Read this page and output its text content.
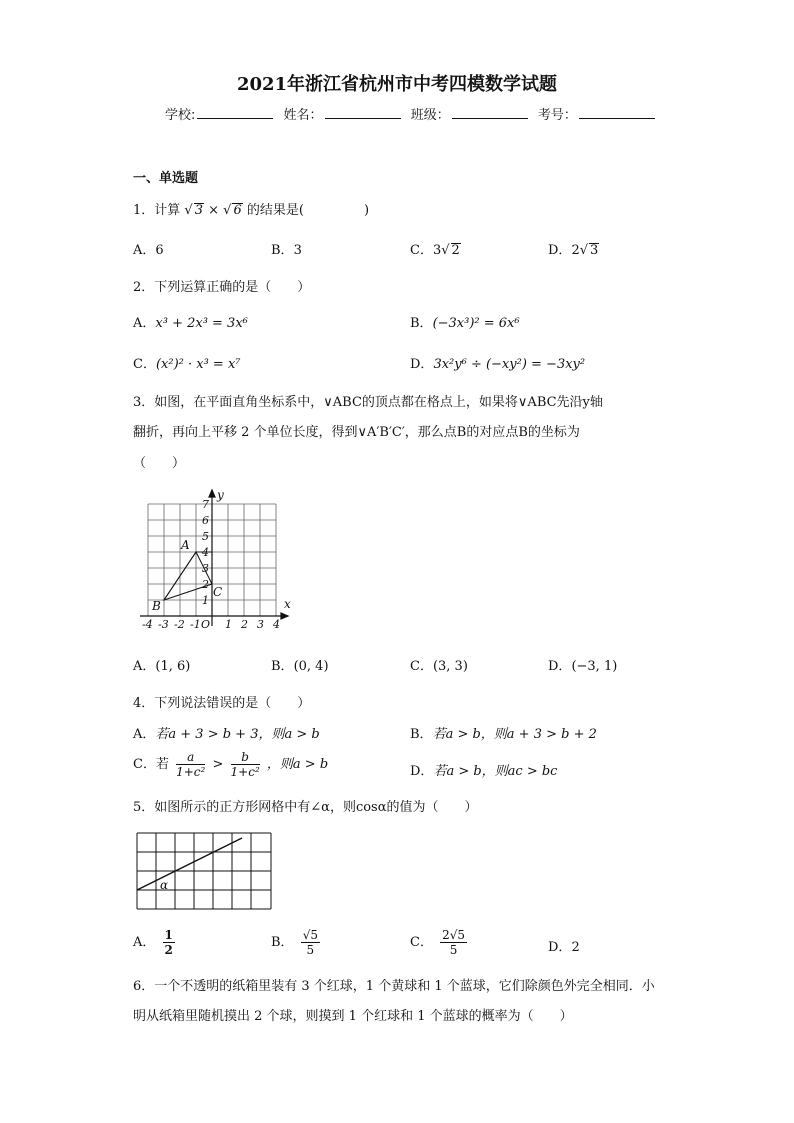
2021年浙江省杭州市中考四模数学试题
学校:	姓名：	班级：	考号：
一、单选题
1．计算 √ 3 × √ 6 的结果是(	)
A．6	B．3	C．3√ 2	D．2√ 3
2．下列运算正确的是（　　）
A．x³ + 2x³ = 3x⁶	B．(−3x³)² = 6x⁶
C．(x²)² · x³ = x⁷	D．3x²y⁶ ÷ (−xy²) = −3xy²
3．如图，在平面直角坐标系中，∨ABC的顶点都在格点上，如果将∨ABC先沿y轴
翻折，再向上平移 2 个单位长度，得到∨A′B′C′，那么点B的对应点B的坐标为
（　　）
y
x
A
B
C
7
6
5
4
3
2
1
-4 -3 -2 -1 O 1 2 3 4
A．(1, 6)	B．(0, 4)	C．(3, 3)	D．(−3, 1)
4．下列说法错误的是（　　）
A．若a + 3 > b + 3，则a > b	B．若a > b，则a + 3 > b + 2
C．若 $\frac{a}{\text{1+c²}} > \frac{b}{\text{1+c²}}$ ，则a > b	D．若a > b，则ac > bc
5．如图所示的正方形网格中有∠α，则cosα的值为（　　）
α
A． $\frac{1}{2}$	B． $\frac{√5}{5}$	C． $\frac{2√5}{5}$	D．2
6．一个不透明的纸箱里装有 3 个红球，1 个黄球和 1 个蓝球，它们除颜色外完全相同．小
明从纸箱里随机摸出 2 个球，则摸到 1 个红球和 1 个蓝球的概率为（　　）
